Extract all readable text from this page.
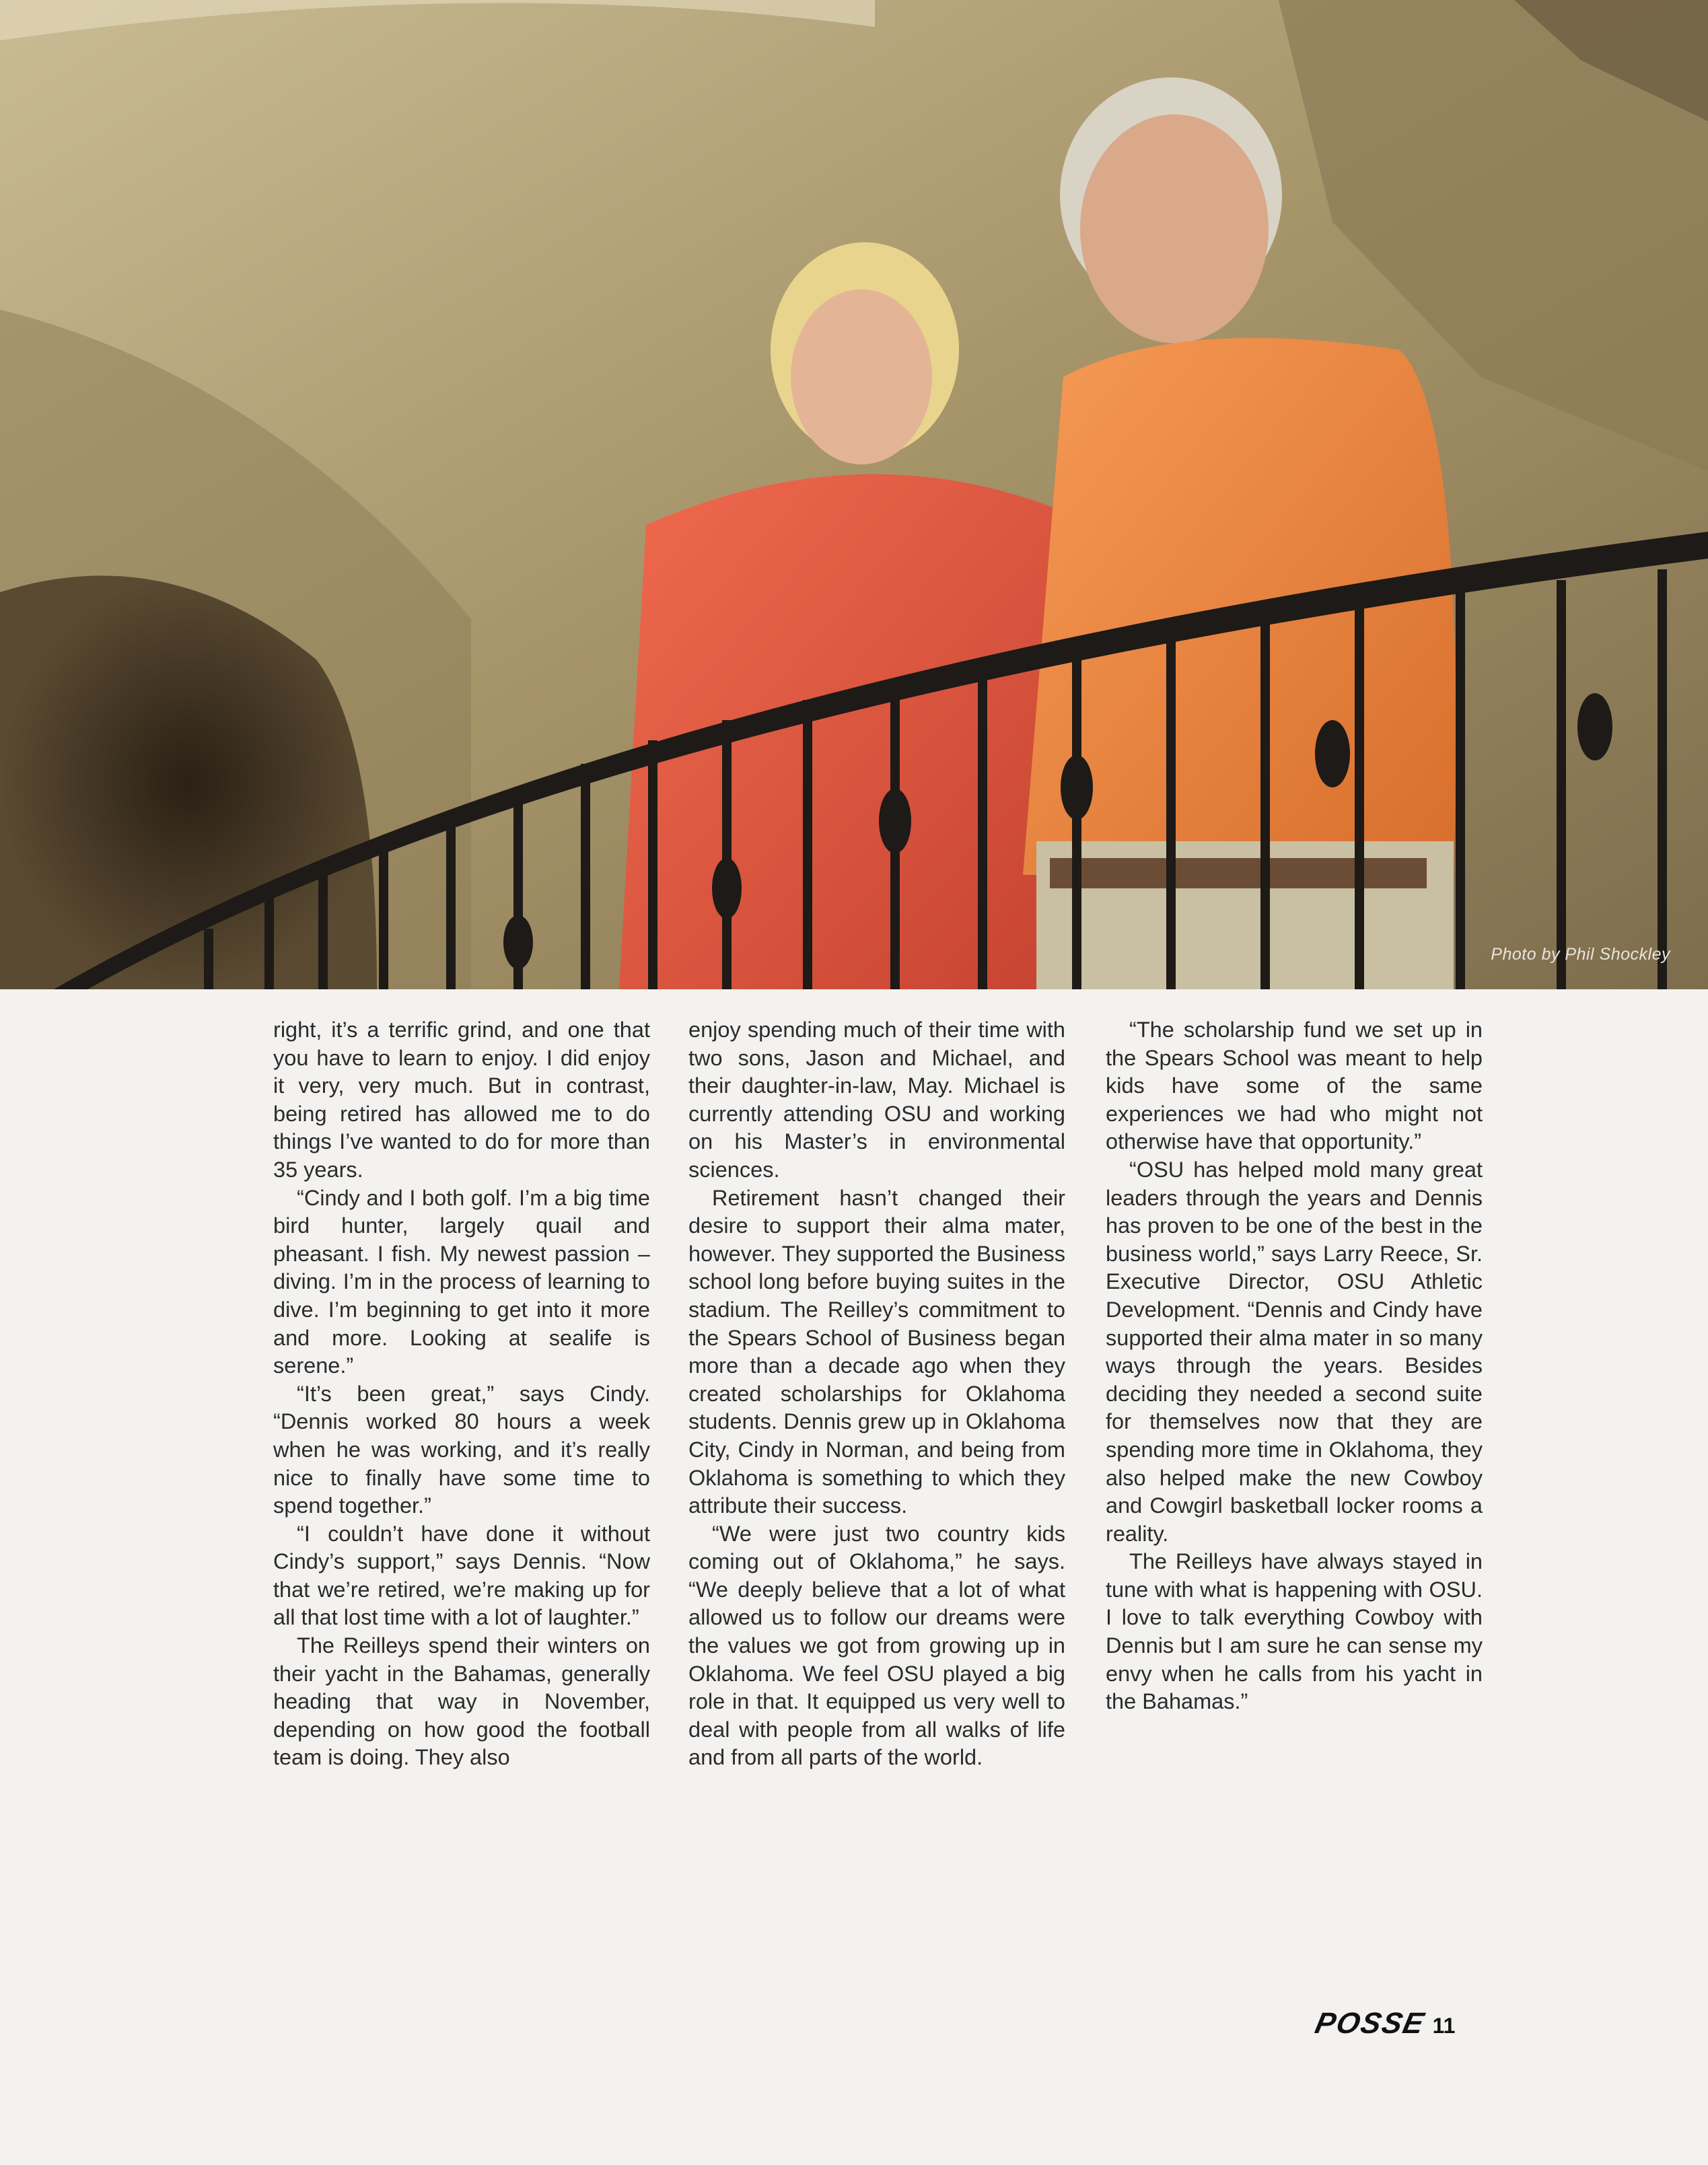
Photo by Phil Shockley

right, it’s a terrific grind, and one that you have to learn to enjoy. I did enjoy it very, very much. But in contrast, being retired has allowed me to do things I’ve wanted to do for more than 35 years.

“Cindy and I both golf. I’m a big time bird hunter, largely quail and pheasant. I fish. My newest passion – diving. I’m in the process of learning to dive. I’m beginning to get into it more and more. Looking at sealife is serene.”

“It’s been great,” says Cindy. “Dennis worked 80 hours a week when he was working, and it’s really nice to finally have some time to spend together.”

“I couldn’t have done it without Cindy’s support,” says Dennis. “Now that we’re retired, we’re making up for all that lost time with a lot of laughter.”

The Reilleys spend their winters on their yacht in the Bahamas, generally heading that way in November, depending on how good the football team is doing. They also

enjoy spending much of their time with two sons, Jason and Michael, and their daughter-in-law, May. Michael is currently attending OSU and working on his Master’s in environmental sciences.

Retirement hasn’t changed their desire to support their alma mater, however. They supported the Business school long before buying suites in the stadium. The Reilley’s commitment to the Spears School of Business began more than a decade ago when they created scholarships for Oklahoma students. Dennis grew up in Oklahoma City, Cindy in Norman, and being from Oklahoma is something to which they attribute their success.

“We were just two country kids coming out of Oklahoma,” he says. “We deeply believe that a lot of what allowed us to follow our dreams were the values we got from growing up in Oklahoma. We feel OSU played a big role in that. It equipped us very well to deal with people from all walks of life and from all parts of the world.

“The scholarship fund we set up in the Spears School was meant to help kids have some of the same experiences we had who might not otherwise have that opportunity.”

“OSU has helped mold many great leaders through the years and Dennis has proven to be one of the best in the business world,” says Larry Reece, Sr. Executive Director, OSU Athletic Development. “Dennis and Cindy have supported their alma mater in so many ways through the years. Besides deciding they needed a second suite for themselves now that they are spending more time in Oklahoma, they also helped make the new Cowboy and Cowgirl basketball locker rooms a reality.

The Reilleys have always stayed in tune with what is happening with OSU. I love to talk everything Cowboy with Dennis but I am sure he can sense my envy when he calls from his yacht in the Bahamas.”

POSSE 11
